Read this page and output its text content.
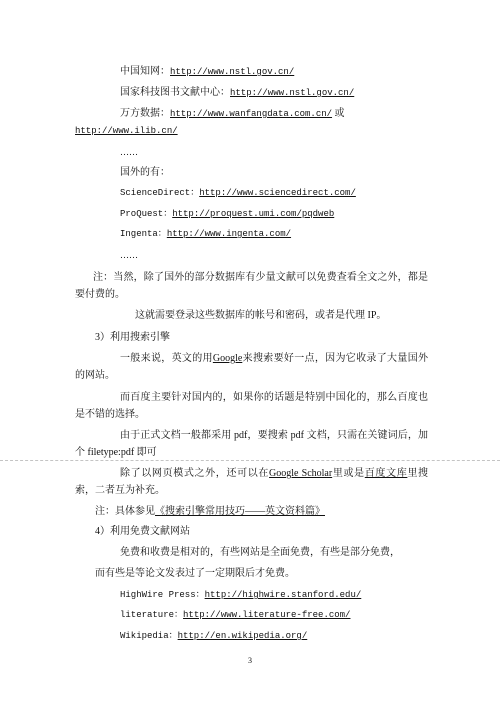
中国知网：http://www.nstl.gov.cn/
国家科技图书文献中心：http://www.nstl.gov.cn/
万方数据：http://www.wanfangdata.com.cn/ 或
http://www.ilib.cn/
……
国外的有：
ScienceDirect：http://www.sciencedirect.com/
ProQuest：http://proquest.umi.com/pqdweb
Ingenta：http://www.ingenta.com/
……
注：当然，除了国外的部分数据库有少量文献可以免费查看全文之外，都是
要付费的。
这就需要登录这些数据库的帐号和密码，或者是代理 IP。
3）利用搜索引擎
一般来说，英文的用Google来搜索要好一点，因为它收录了大量国外
的网站。
而百度主要针对国内的，如果你的话题是特别中国化的，那么百度也
是不错的选择。
由于正式文档一般都采用 pdf，要搜索 pdf 文档，只需在关键词后，加
个 filetype:pdf 即可
除了以网页模式之外，还可以在Google Scholar里或是百度文库里搜
索，二者互为补充。
注：具体参见《搜索引擎常用技巧——英文资料篇》
4）利用免费文献网站
免费和收费是相对的，有些网站是全面免费，有些是部分免费，
而有些是等论文发表过了一定期限后才免费。
HighWire Press：http://highwire.stanford.edu/
literature：http://www.literature-free.com/
Wikipedia：http://en.wikipedia.org/
3
